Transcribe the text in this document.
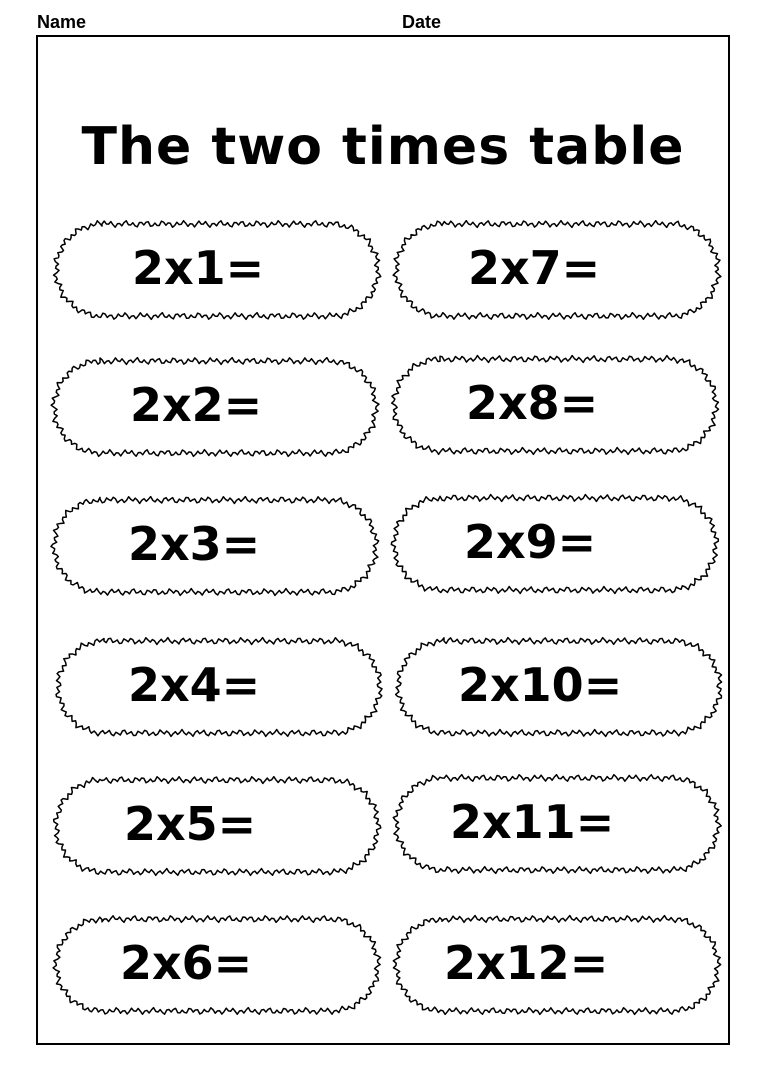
Name	Date
The two times table
2x1=
2x2=
2x3=
2x4=
2x5=
2x6=
2x7=
2x8=
2x9=
2x10=
2x11=
2x12=
